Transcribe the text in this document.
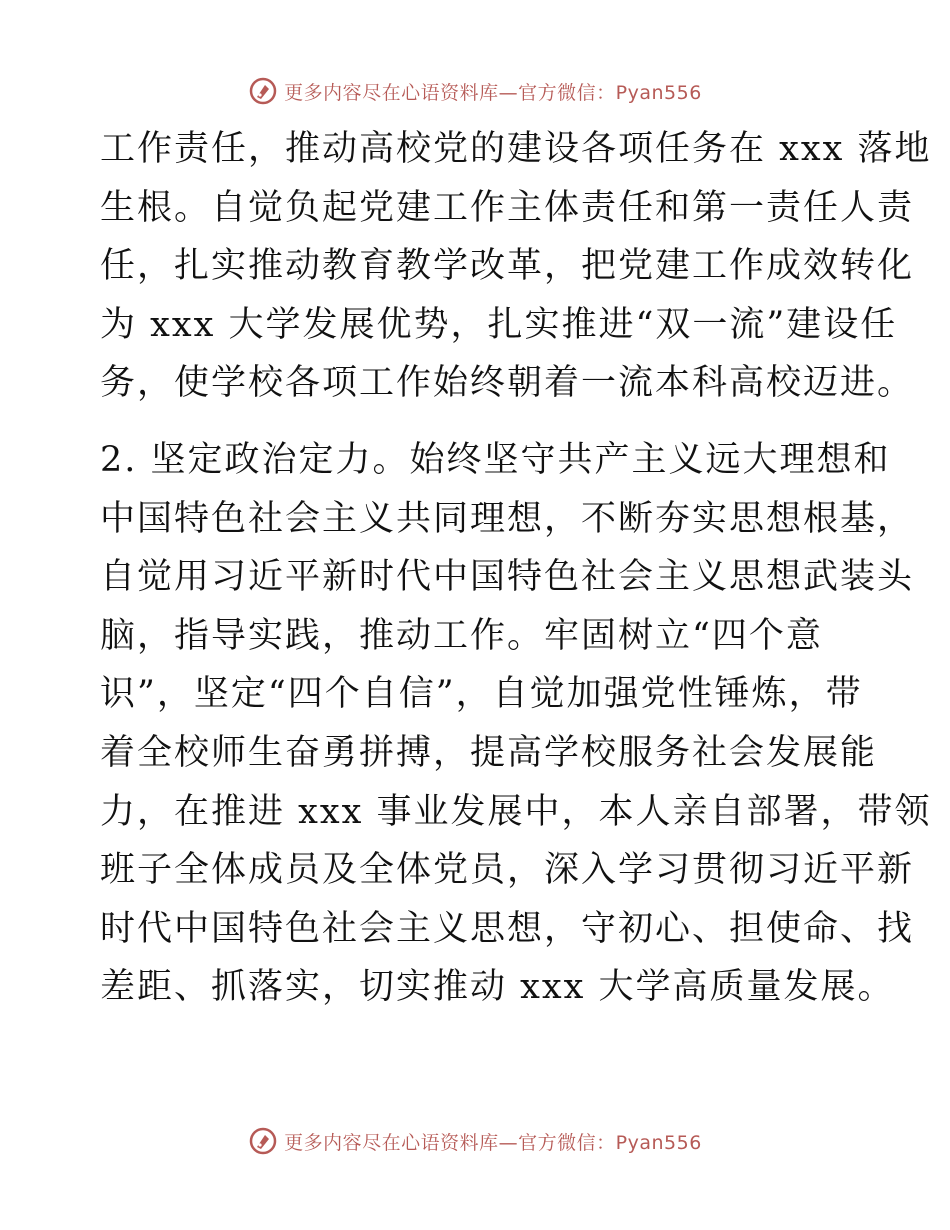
更多内容尽在心语资料库—官方微信：Pyan556
工作责任，推动高校党的建设各项任务在 xxx 落地
生根。自觉负起党建工作主体责任和第一责任人责
任，扎实推动教育教学改革，把党建工作成效转化
为 xxx 大学发展优势，扎实推进“双一流”建设任
务，使学校各项工作始终朝着一流本科高校迈进。
2. 坚定政治定力。始终坚守共产主义远大理想和
中国特色社会主义共同理想，不断夯实思想根基，
自觉用习近平新时代中国特色社会主义思想武装头
脑，指导实践，推动工作。牢固树立“四个意
识”，坚定“四个自信”，自觉加强党性锤炼，带
着全校师生奋勇拼搏，提高学校服务社会发展能
力，在推进 xxx 事业发展中，本人亲自部署，带领
班子全体成员及全体党员，深入学习贯彻习近平新
时代中国特色社会主义思想，守初心、担使命、找
差距、抓落实，切实推动 xxx 大学高质量发展。
更多内容尽在心语资料库—官方微信：Pyan556
